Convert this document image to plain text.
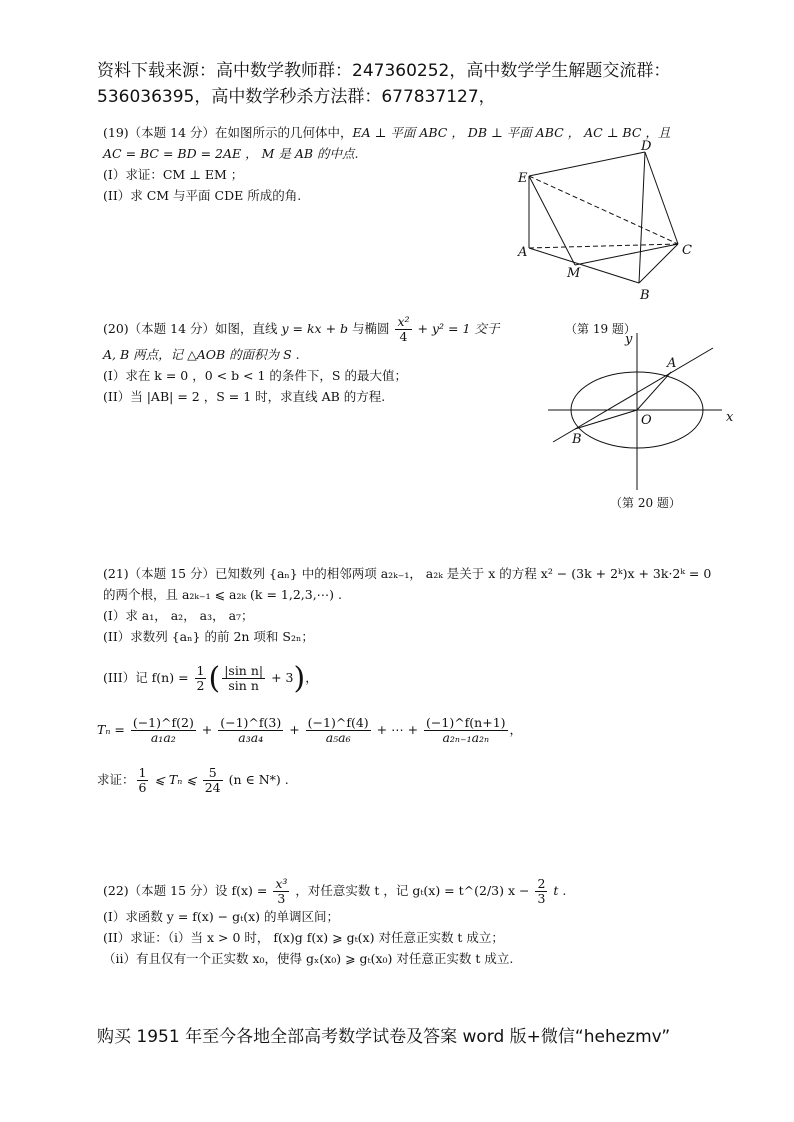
资料下载来源：高中数学教师群：247360252，高中数学学生解题交流群：
536036395，高中数学秒杀方法群：677837127，

(19)（本题 14 分）在如图所示的几何体中，EA ⊥ 平面 ABC ， DB ⊥ 平面 ABC ， AC ⊥ BC ，且

AC = BC = BD = 2AE ， M 是 AB 的中点.

(I）求证：CM ⊥ EM ；

(II）求 CM 与平面 CDE 所成的角.

D
E
A	C
M
B
（第 19 题）

(20)（本题 14 分）如图，直线 y = kx + b 与椭圆 $\frac{\text{x²}}{4} + y^2 = 1$ 交于

A, B 两点，记 △AOB 的面积为 S .

(I）求在 k = 0 ，0 < b < 1 的条件下，S 的最大值；

(II）当 |AB| = 2 ，S = 1 时，求直线 AB 的方程.

y
x
O
A
B
（第 20 题）

(21)（本题 15 分）已知数列 {aₙ} 中的相邻两项 a₂ₖ₋₁， a₂ₖ 是关于 x 的方程 x² − (3k + 2ᵏ)x + 3k·2ᵏ = 0

的两个根，且 a₂ₖ₋₁ ⩽ a₂ₖ (k = 1,2,3,⋯) .

(I）求 a₁， a₂， a₃， a₇；

(II）求数列 {aₙ} 的前 2n 项和 S₂ₙ；

(III）记 $f(n) = \frac{1}{2}$ ( $\frac{\text{|sin n|}}{\text{sin n}} + 3$)，

$T_n = \frac{(-1)\^{}f(2)}{\text{a₁a₂}} + \frac{(-1)\^{}f(3)}{\text{a₃a₄}} + \frac{(-1)\^{}f(4)}{\text{a₅a₆}}$ + ⋯ + $\frac{(-1)\^{}f(n+1)}{\text{a₂ₙ₋₁a₂ₙ}}$ ，

求证： $\frac{1}{6}$ ⩽ Tₙ ⩽ $\frac{5}{24} (n$ ∈ N*) .

(22)（本题 15 分）设 $f(x) = \frac{\text{x³}}{3}$ ，对任意实数 t ，记 gₜ(x) = t^(2/3) $x - \frac{2}{3}$ t .

(I）求函数 y = f(x) − gₜ(x) 的单调区间；

(II）求证：（ⅰ）当 x > 0 时， f(x)g f(x) ⩾ gₜ(x) 对任意正实数 t 成立；

（ⅱ）有且仅有一个正实数 x₀，使得 gₓ(x₀) ⩾ gₜ(x₀) 对任意正实数 t 成立.

购买 1951 年至今各地全部高考数学试卷及答案 word 版+微信“hehezmv”
